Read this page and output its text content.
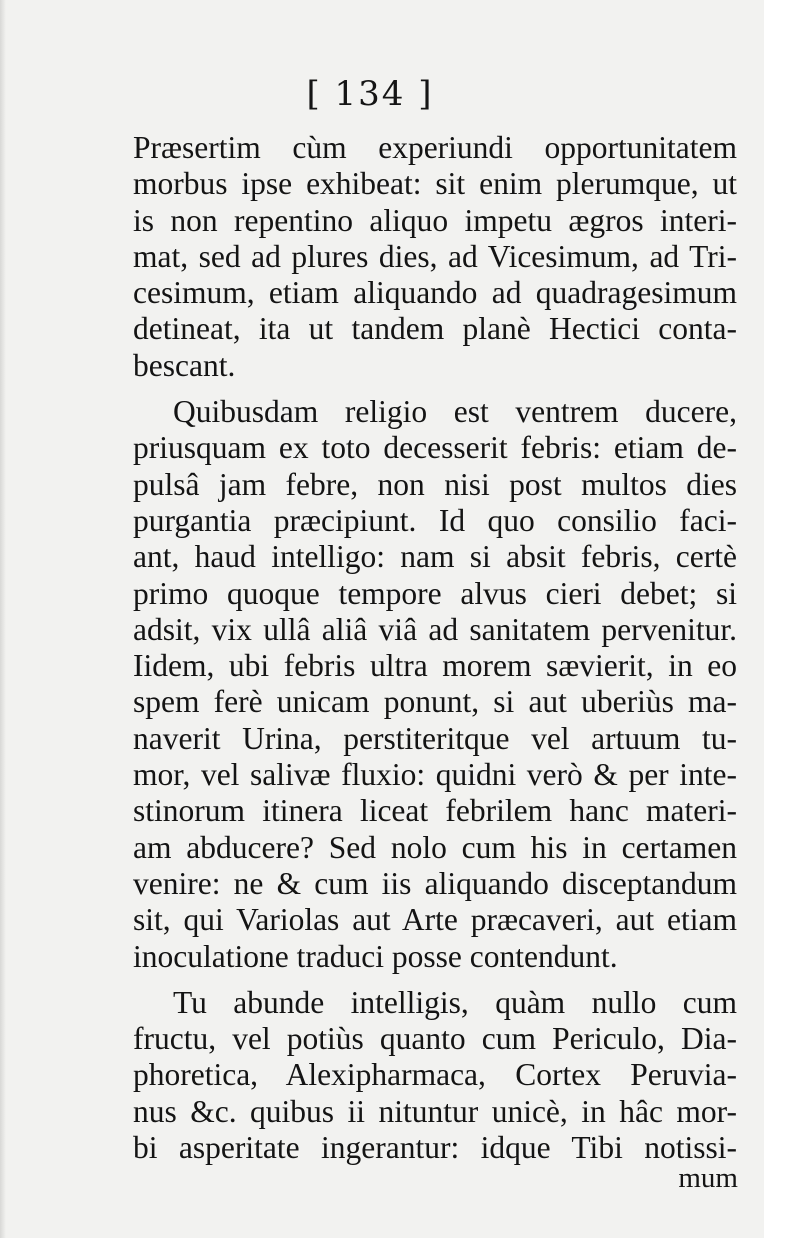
[ 134 ]
Præsertim cùm experiundi opportunitatem
morbus ipse exhibeat: sit enim plerumque, ut
is non repentino aliquo impetu ægros interi-
mat, sed ad plures dies, ad Vicesimum, ad Tri-
cesimum, etiam aliquando ad quadragesimum
detineat, ita ut tandem planè Hectici conta-
bescant.
Quibusdam religio est ventrem ducere,
priusquam ex toto decesserit febris: etiam de-
pulsâ jam febre, non nisi post multos dies
purgantia præcipiunt. Id quo consilio faci-
ant, haud intelligo: nam si absit febris, certè
primo quoque tempore alvus cieri debet; si
adsit, vix ullâ aliâ viâ ad sanitatem pervenitur.
Iidem, ubi febris ultra morem sævierit, in eo
spem ferè unicam ponunt, si aut uberiùs ma-
naverit Urina, perstiteritque vel artuum tu-
mor, vel salivæ fluxio: quidni verò & per inte-
stinorum itinera liceat febrilem hanc materi-
am abducere? Sed nolo cum his in certamen
venire: ne & cum iis aliquando disceptandum
sit, qui Variolas aut Arte præcaveri, aut etiam
inoculatione traduci posse contendunt.
Tu abunde intelligis, quàm nullo cum
fructu, vel potiùs quanto cum Periculo, Dia-
phoretica, Alexipharmaca, Cortex Peruvia-
nus &c. quibus ii nituntur unicè, in hâc mor-
bi asperitate ingerantur: idque Tibi notissi-
mum
